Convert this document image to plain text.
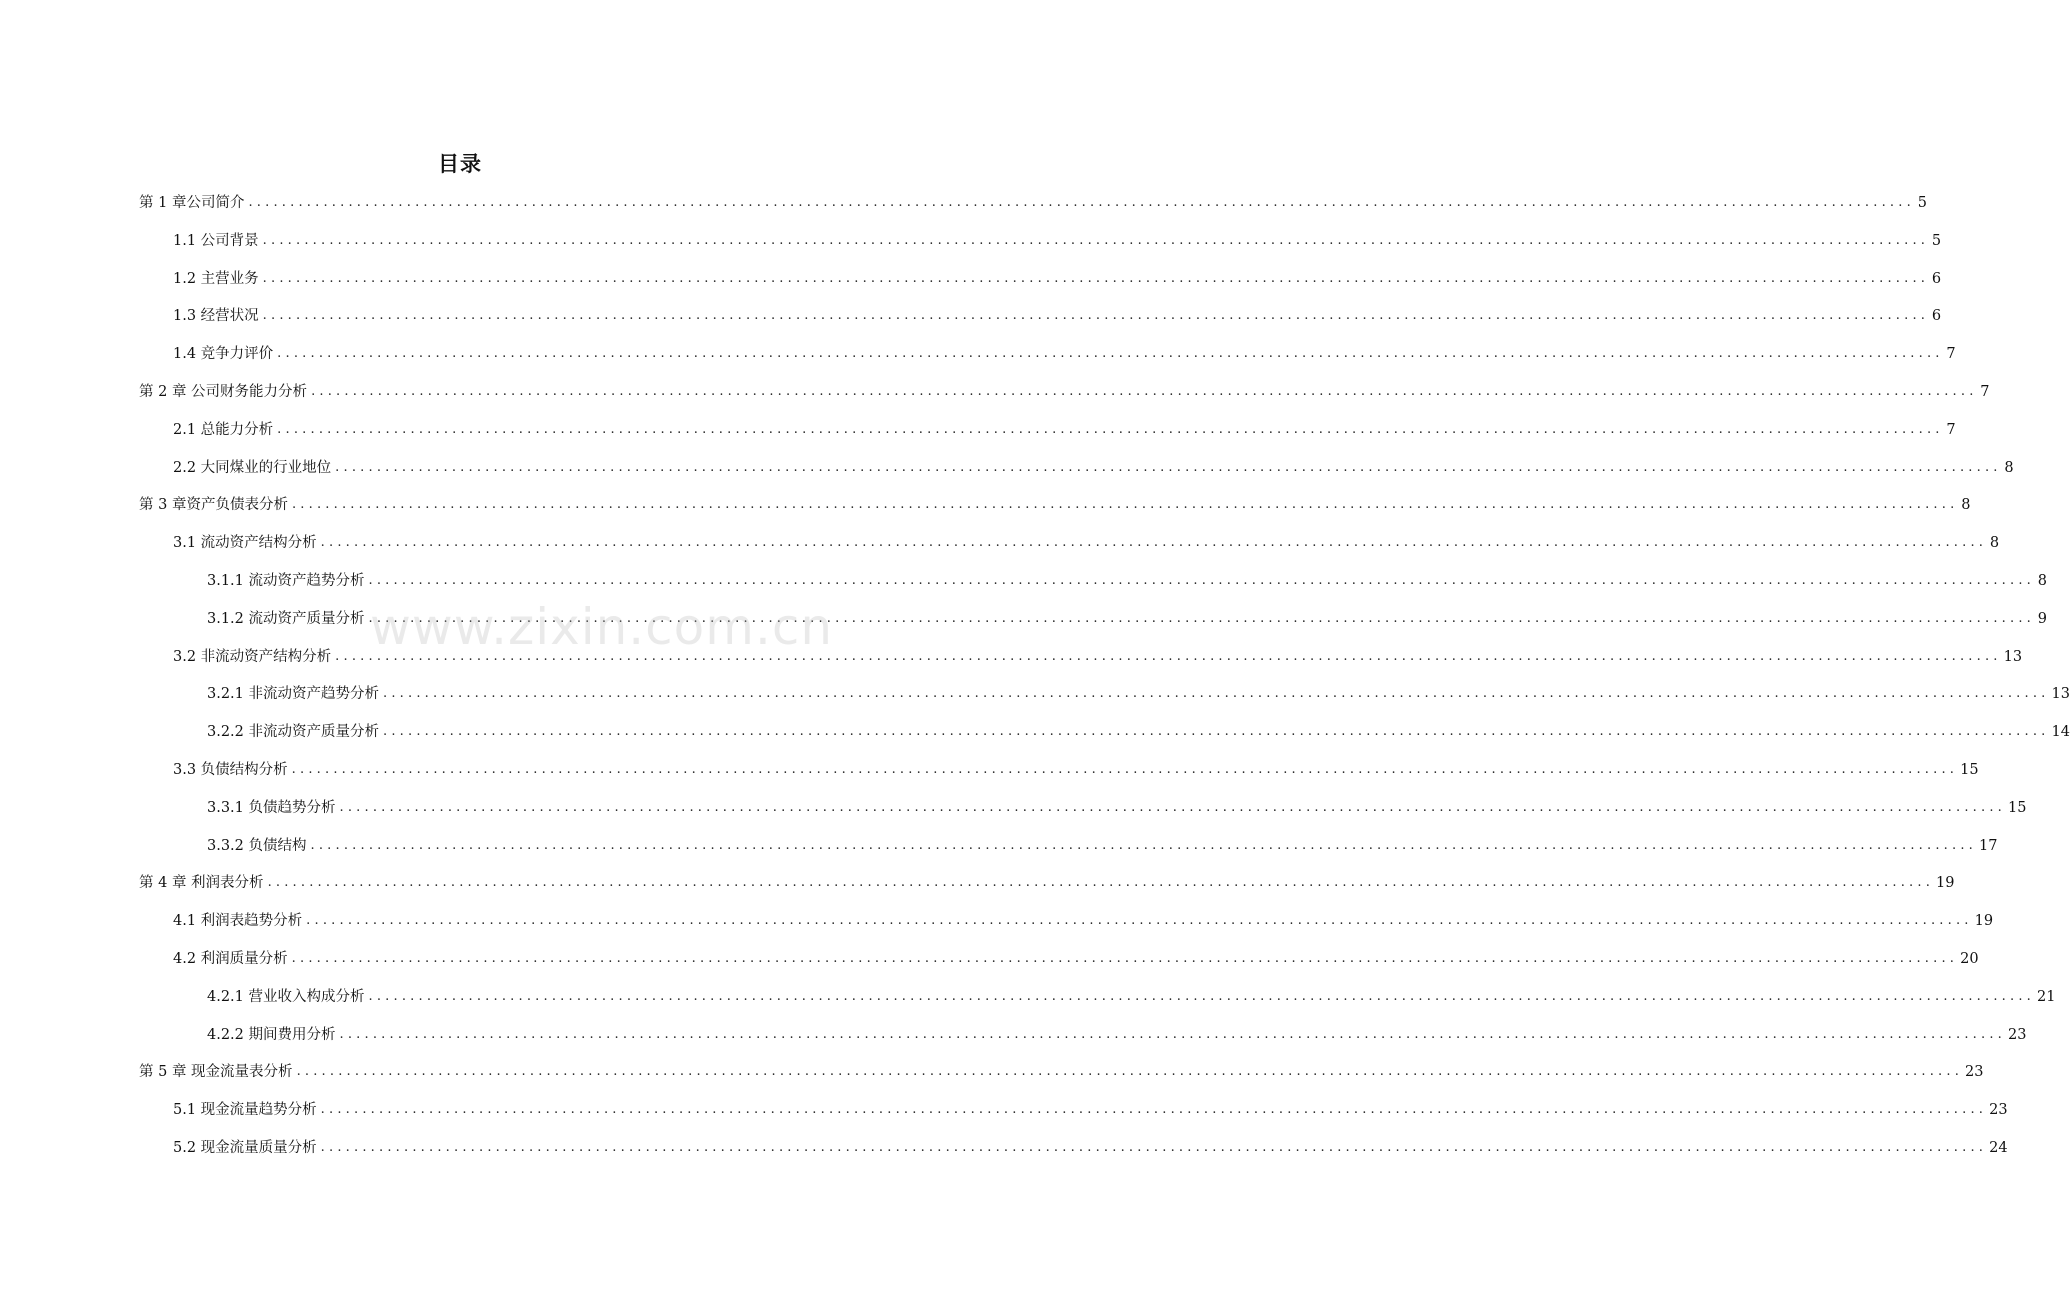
目录
第 1 章公司简介 ........................................................................................................................................................................................................ 5
1.1 公司背景 ........................................................................................................................................................................................................ 5
1.2 主营业务 ........................................................................................................................................................................................................ 6
1.3 经营状况 ........................................................................................................................................................................................................ 6
1.4 竞争力评价 ........................................................................................................................................................................................................ 7
第 2 章 公司财务能力分析 ........................................................................................................................................................................................................ 7
2.1 总能力分析 ........................................................................................................................................................................................................ 7
2.2 大同煤业的行业地位 ........................................................................................................................................................................................................ 8
第 3 章资产负债表分析 ........................................................................................................................................................................................................ 8
3.1 流动资产结构分析 ........................................................................................................................................................................................................ 8
3.1.1 流动资产趋势分析 ........................................................................................................................................................................................................ 8
3.1.2 流动资产质量分析 ........................................................................................................................................................................................................ 9
3.2 非流动资产结构分析 ........................................................................................................................................................................................................ 13
3.2.1 非流动资产趋势分析 ........................................................................................................................................................................................................ 13
3.2.2 非流动资产质量分析 ........................................................................................................................................................................................................ 14
3.3 负债结构分析 ........................................................................................................................................................................................................ 15
3.3.1 负债趋势分析 ........................................................................................................................................................................................................ 15
3.3.2 负债结构 ........................................................................................................................................................................................................ 17
第 4 章 利润表分析 ........................................................................................................................................................................................................ 19
4.1 利润表趋势分析 ........................................................................................................................................................................................................ 19
4.2 利润质量分析 ........................................................................................................................................................................................................ 20
4.2.1 营业收入构成分析 ........................................................................................................................................................................................................ 21
4.2.2 期间费用分析 ........................................................................................................................................................................................................ 23
第 5 章 现金流量表分析 ........................................................................................................................................................................................................ 23
5.1 现金流量趋势分析 ........................................................................................................................................................................................................ 23
5.2 现金流量质量分析 ........................................................................................................................................................................................................ 24
www.zixin.com.cn
